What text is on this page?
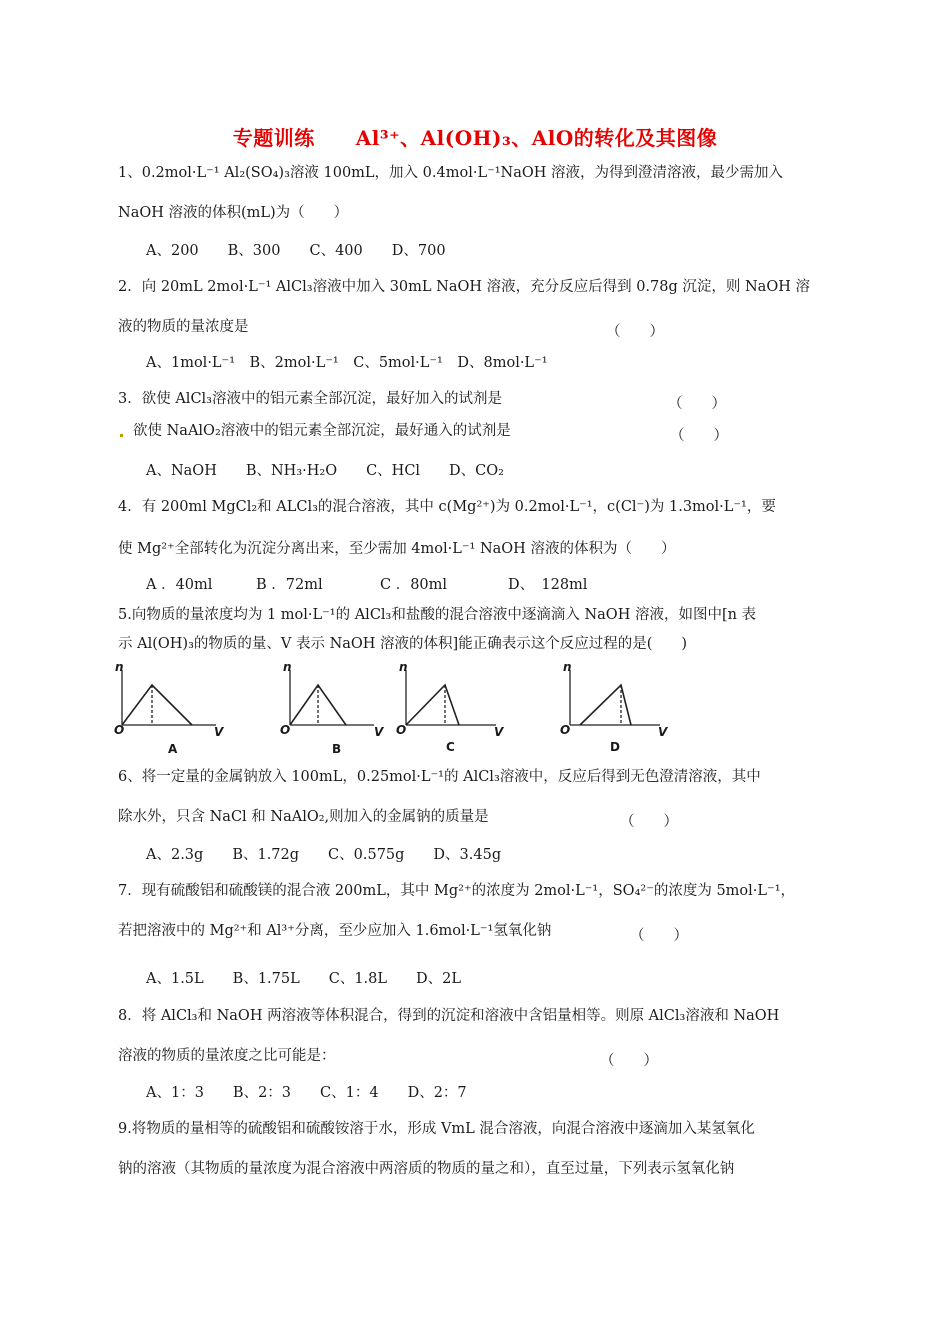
专题训练　　Al³⁺、Al(OH)₃、AlO的转化及其图像
1、0.2mol·L⁻¹ Al₂(SO₄)₃溶液 100mL，加入 0.4mol·L⁻¹NaOH 溶液，为得到澄清溶液，最少需加入
NaOH 溶液的体积(mL)为（　　）
A、200　　B、300　　C、400　　D、700
2．向 20mL 2mol·L⁻¹ AlCl₃溶液中加入 30mL NaOH 溶液，充分反应后得到 0.78g 沉淀，则 NaOH 溶
液的物质的量浓度是	（　　）
A、1mol·L⁻¹　B、2mol·L⁻¹　C、5mol·L⁻¹　D、8mol·L⁻¹
3．欲使 AlCl₃溶液中的铝元素全部沉淀，最好加入的试剂是	（　　）
欲使 NaAlO₂溶液中的铝元素全部沉淀，最好通入的试剂是	（　　）
A、NaOH　　B、NH₃·H₂O　　C、HCl　　D、CO₂
4．有 200ml MgCl₂和 ALCl₃的混合溶液，其中 c(Mg²⁺)为 0.2mol·L⁻¹，c(Cl⁻)为 1.3mol·L⁻¹，要
使 Mg²⁺全部转化为沉淀分离出来，至少需加 4mol·L⁻¹ NaOH 溶液的体积为（　　）
A ．40ml	B ．72ml	C ．80ml	D、　128ml
5.向物质的量浓度均为 1 mol·L⁻¹的 AlCl₃和盐酸的混合溶液中逐滴滴入 NaOH 溶液，如图中[n 表
示 Al(OH)₃的物质的量、V 表示 NaOH 溶液的体积]能正确表示这个反应过程的是(　　)
n
O	V
A
n
O	V
B
n
O	V
C
n
O	V
D
6、将一定量的金属钠放入 100mL，0.25mol·L⁻¹的 AlCl₃溶液中，反应后得到无色澄清溶液，其中
除水外，只含 NaCl 和 NaAlO₂,则加入的金属钠的质量是	（　　）
A、2.3g　　B、1.72g　　C、0.575g　　D、3.45g
7．现有硫酸铝和硫酸镁的混合液 200mL，其中 Mg²⁺的浓度为 2mol·L⁻¹，SO₄²⁻的浓度为 5mol·L⁻¹，
若把溶液中的 Mg²⁺和 Al³⁺分离，至少应加入 1.6mol·L⁻¹氢氧化钠	（　　）
A、1.5L　　B、1.75L　　C、1.8L　　D、2L
8．将 AlCl₃和 NaOH 两溶液等体积混合，得到的沉淀和溶液中含铝量相等。则原 AlCl₃溶液和 NaOH
溶液的物质的量浓度之比可能是：	（　　）
A、1：3　　B、2：3　　C、1：4　　D、2：7
9.将物质的量相等的硫酸铝和硫酸铵溶于水，形成 VmL 混合溶液，向混合溶液中逐滴加入某氢氧化
钠的溶液（其物质的量浓度为混合溶液中两溶质的物质的量之和），直至过量，下列表示氢氧化钠
